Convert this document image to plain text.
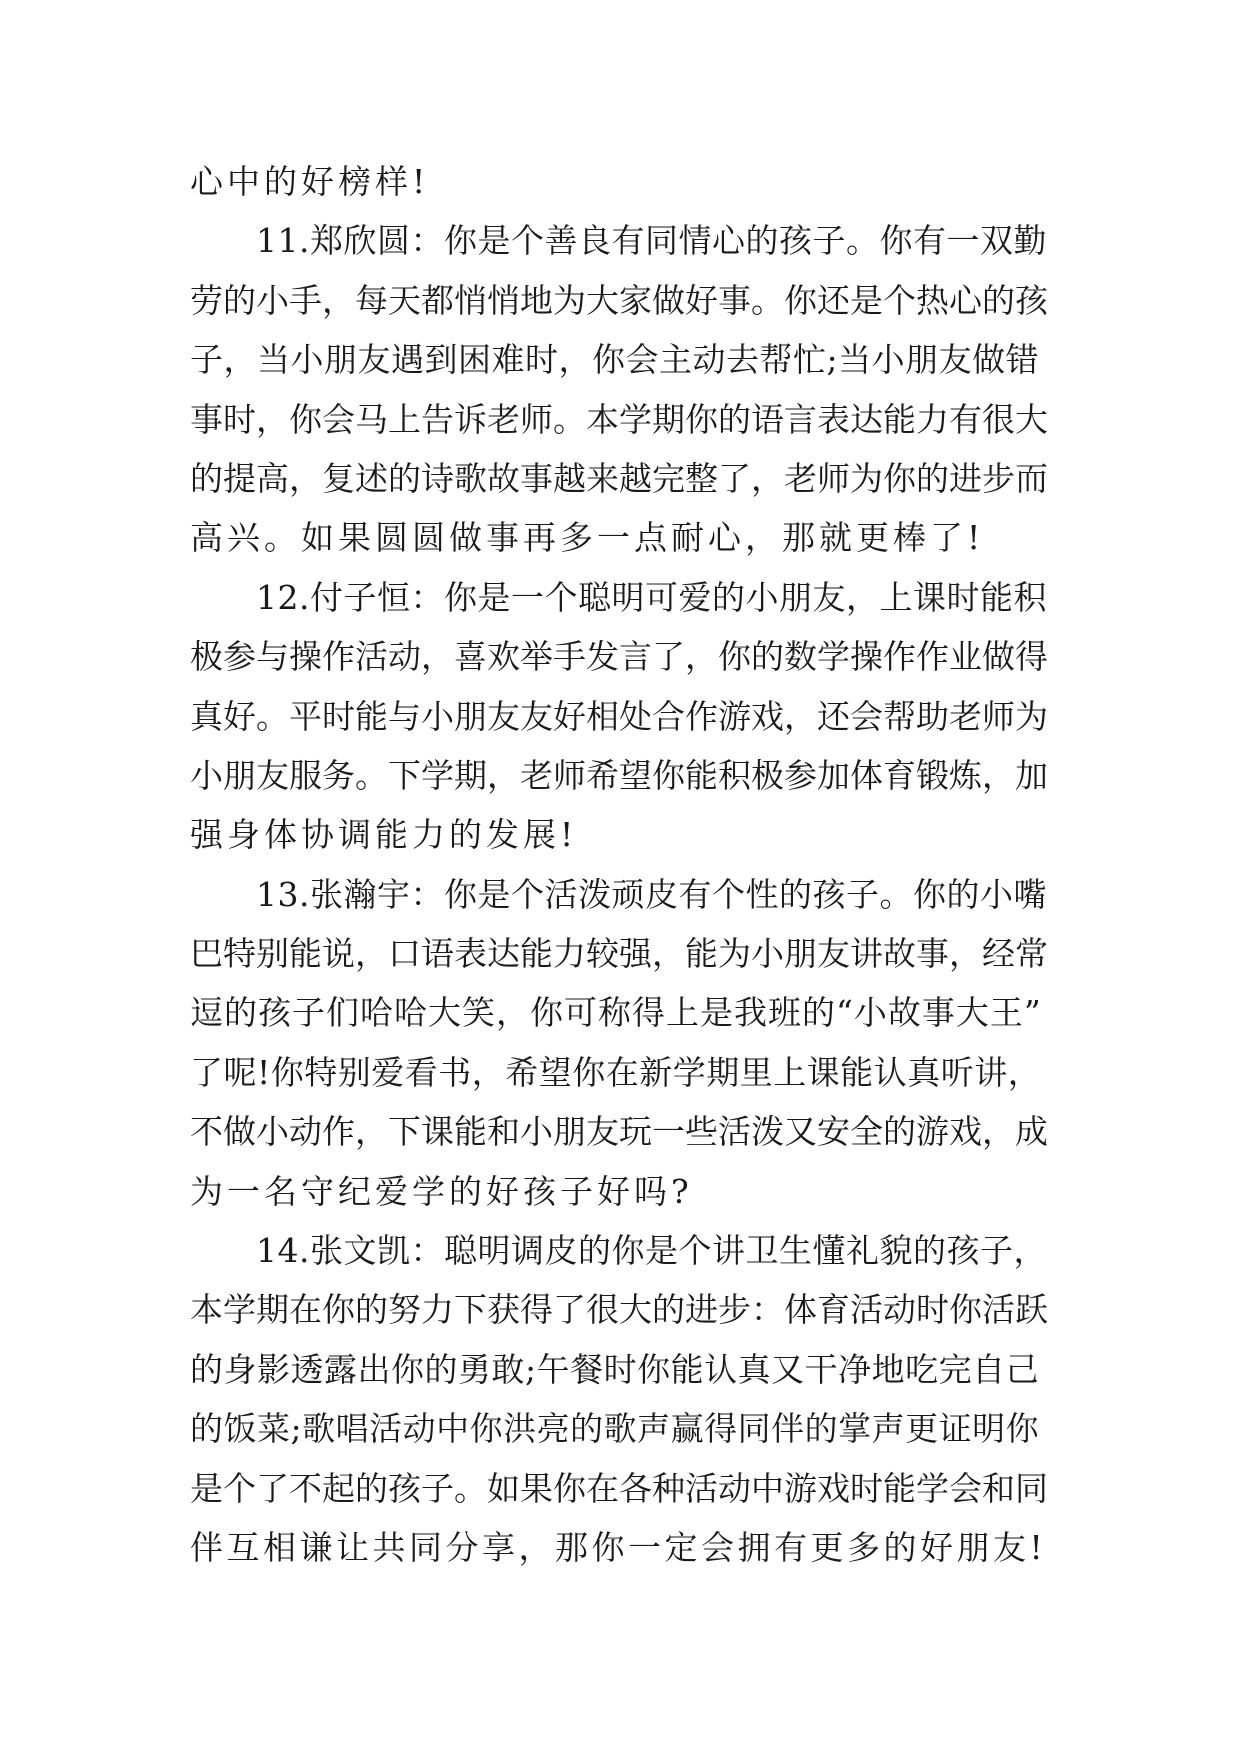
心中的好榜样!
11.郑欣圆：你是个善良有同情心的孩子。你有一双勤
劳的小手，每天都悄悄地为大家做好事。你还是个热心的孩
子，当小朋友遇到困难时，你会主动去帮忙;当小朋友做错
事时，你会马上告诉老师。本学期你的语言表达能力有很大
的提高，复述的诗歌故事越来越完整了，老师为你的进步而
高兴。如果圆圆做事再多一点耐心，那就更棒了!
12.付子恒：你是一个聪明可爱的小朋友，上课时能积
极参与操作活动，喜欢举手发言了，你的数学操作作业做得
真好。平时能与小朋友友好相处合作游戏，还会帮助老师为
小朋友服务。下学期，老师希望你能积极参加体育锻炼，加
强身体协调能力的发展!
13.张瀚宇：你是个活泼顽皮有个性的孩子。你的小嘴
巴特别能说，口语表达能力较强，能为小朋友讲故事，经常
逗的孩子们哈哈大笑，你可称得上是我班的“小故事大王”
了呢!你特别爱看书，希望你在新学期里上课能认真听讲，
不做小动作，下课能和小朋友玩一些活泼又安全的游戏，成
为一名守纪爱学的好孩子好吗?
14.张文凯：聪明调皮的你是个讲卫生懂礼貌的孩子，
本学期在你的努力下获得了很大的进步：体育活动时你活跃
的身影透露出你的勇敢;午餐时你能认真又干净地吃完自己
的饭菜;歌唱活动中你洪亮的歌声赢得同伴的掌声更证明你
是个了不起的孩子。如果你在各种活动中游戏时能学会和同
伴互相谦让共同分享，那你一定会拥有更多的好朋友!
